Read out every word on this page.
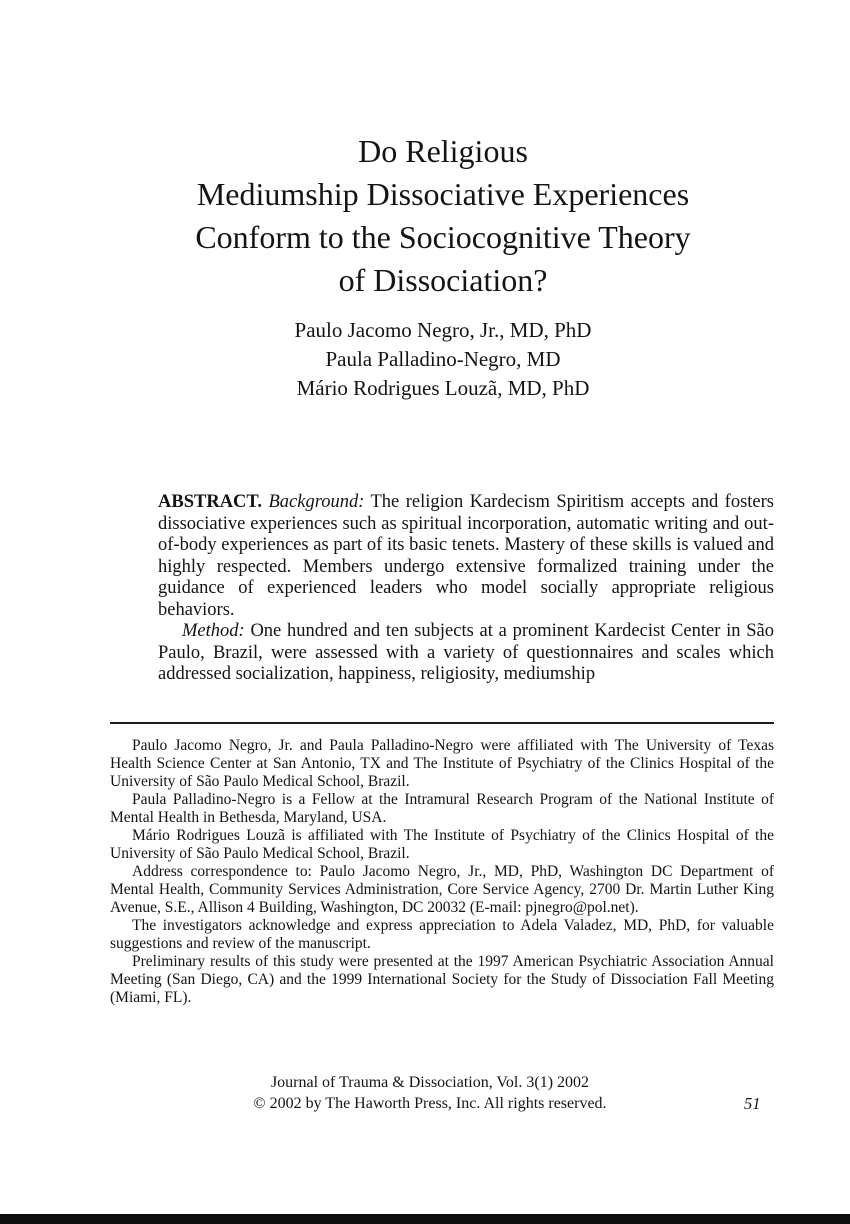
Do Religious
Mediumship Dissociative Experiences
Conform to the Sociocognitive Theory
of Dissociation?
Paulo Jacomo Negro, Jr., MD, PhD
Paula Palladino-Negro, MD
Mário Rodrigues Louzã, MD, PhD

ABSTRACT. Background: The religion Kardecism Spiritism accepts and fosters dissociative experiences such as spiritual incorporation, automatic writing and out-of-body experiences as part of its basic tenets. Mastery of these skills is valued and highly respected. Members undergo extensive formalized training under the guidance of experienced leaders who model socially appropriate religious behaviors.

Method: One hundred and ten subjects at a prominent Kardecist Center in São Paulo, Brazil, were assessed with a variety of questionnaires and scales which addressed socialization, happiness, religiosity, mediumship

Paulo Jacomo Negro, Jr. and Paula Palladino-Negro were affiliated with The University of Texas Health Science Center at San Antonio, TX and The Institute of Psychiatry of the Clinics Hospital of the University of São Paulo Medical School, Brazil.

Paula Palladino-Negro is a Fellow at the Intramural Research Program of the National Institute of Mental Health in Bethesda, Maryland, USA.

Mário Rodrigues Louzã is affiliated with The Institute of Psychiatry of the Clinics Hospital of the University of São Paulo Medical School, Brazil.

Address correspondence to: Paulo Jacomo Negro, Jr., MD, PhD, Washington DC Department of Mental Health, Community Services Administration, Core Service Agency, 2700 Dr. Martin Luther King Avenue, S.E., Allison 4 Building, Washington, DC 20032 (E-mail: pjnegro@pol.net).

The investigators acknowledge and express appreciation to Adela Valadez, MD, PhD, for valuable suggestions and review of the manuscript.

Preliminary results of this study were presented at the 1997 American Psychiatric Association Annual Meeting (San Diego, CA) and the 1999 International Society for the Study of Dissociation Fall Meeting (Miami, FL).

Journal of Trauma & Dissociation, Vol. 3(1) 2002
© 2002 by The Haworth Press, Inc. All rights reserved.	51
